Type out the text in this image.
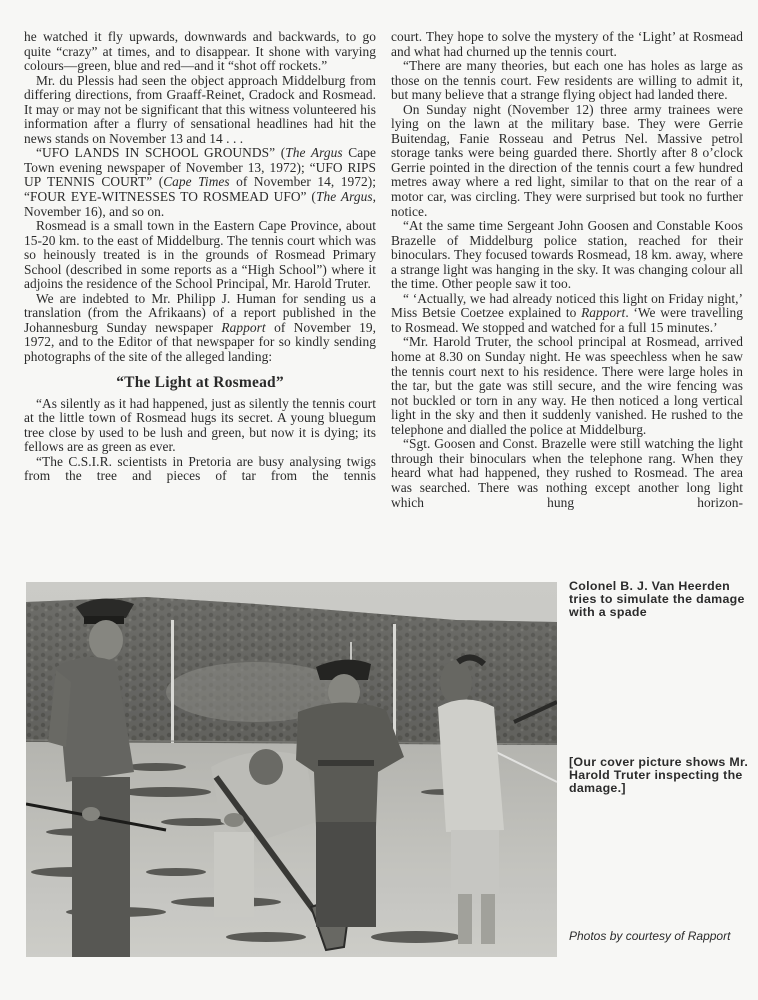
he watched it fly upwards, downwards and backwards, to go quite “crazy” at times, and to disappear. It shone with varying colours—green, blue and red—and it “shot off rockets.”

Mr. du Plessis had seen the object approach Middelburg from differing directions, from Graaff-Reinet, Cradock and Rosmead. It may or may not be significant that this witness volunteered his information after a flurry of sensational headlines had hit the news stands on November 13 and 14 . . .

“UFO LANDS IN SCHOOL GROUNDS” (The Argus Cape Town evening newspaper of November 13, 1972); “UFO RIPS UP TENNIS COURT” (Cape Times of November 14, 1972); “FOUR EYE-WITNESSES TO ROSMEAD UFO” (The Argus, November 16), and so on.

Rosmead is a small town in the Eastern Cape Province, about 15-20 km. to the east of Middelburg. The tennis court which was so heinously treated is in the grounds of Rosmead Primary School (described in some reports as a “High School”) where it adjoins the residence of the School Principal, Mr. Harold Truter.

We are indebted to Mr. Philipp J. Human for sending us a translation (from the Afrikaans) of a report published in the Johannesburg Sunday newspaper Rapport of November 19, 1972, and to the Editor of that newspaper for so kindly sending photographs of the site of the alleged landing:

“The Light at Rosmead”

“As silently as it had happened, just as silently the tennis court at the little town of Rosmead hugs its secret. A young bluegum tree close by used to be lush and green, but now it is dying; its fellows are as green as ever.

“The C.S.I.R. scientists in Pretoria are busy analysing twigs from the tree and pieces of tar from the tennis

court. They hope to solve the mystery of the ‘Light’ at Rosmead and what had churned up the tennis court.

“There are many theories, but each one has holes as large as those on the tennis court. Few residents are willing to admit it, but many believe that a strange flying object had landed there.

On Sunday night (November 12) three army trainees were lying on the lawn at the military base. They were Gerrie Buitendag, Fanie Rosseau and Petrus Nel. Massive petrol storage tanks were being guarded there. Shortly after 8 o’clock Gerrie pointed in the direction of the tennis court a few hundred metres away where a red light, similar to that on the rear of a motor car, was circling. They were surprised but took no further notice.

“At the same time Sergeant John Goosen and Constable Koos Brazelle of Middelburg police station, reached for their binoculars. They focused towards Rosmead, 18 km. away, where a strange light was hanging in the sky. It was changing colour all the time. Other people saw it too.

“ ‘Actually, we had already noticed this light on Friday night,’ Miss Betsie Coetzee explained to Rapport. ‘We were travelling to Rosmead. We stopped and watched for a full 15 minutes.’

“Mr. Harold Truter, the school principal at Rosmead, arrived home at 8.30 on Sunday night. He was speechless when he saw the tennis court next to his residence. There were large holes in the tar, but the gate was still secure, and the wire fencing was not buckled or torn in any way. He then noticed a long vertical light in the sky and then it suddenly vanished. He rushed to the telephone and dialled the police at Middelburg.

“Sgt. Goosen and Const. Brazelle were still watching the light through their binoculars when the telephone rang. When they heard what had happened, they rushed to Rosmead. The area was searched. There was nothing except another long light which hung horizon-

Colonel B. J. Van Heerden tries to simulate the damage with a spade
[Our cover picture shows Mr. Harold Truter inspecting the damage.]
Photos by courtesy of Rapport
